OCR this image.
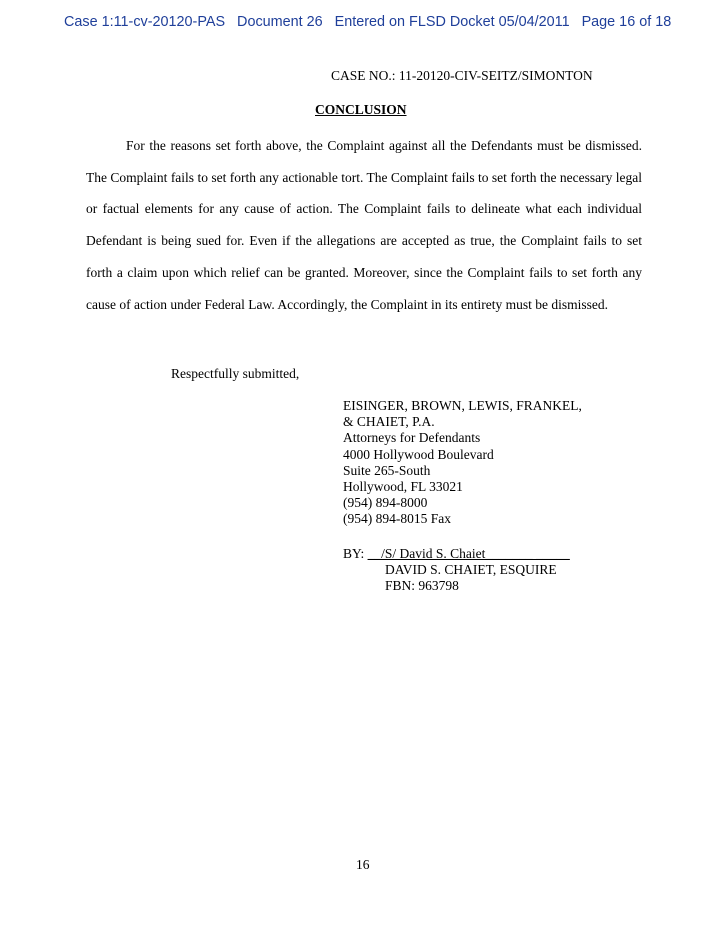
Case 1:11-cv-20120-PAS Document 26 Entered on FLSD Docket 05/04/2011 Page 16 of 18
CASE NO.: 11-20120-CIV-SEITZ/SIMONTON
CONCLUSION

For the reasons set forth above, the Complaint against all the Defendants must be dismissed. The Complaint fails to set forth any actionable tort. The Complaint fails to set forth the necessary legal or factual elements for any cause of action. The Complaint fails to delineate what each individual Defendant is being sued for. Even if the allegations are accepted as true, the Complaint fails to set forth a claim upon which relief can be granted. Moreover, since the Complaint fails to set forth any cause of action under Federal Law. Accordingly, the Complaint in its entirety must be dismissed.

Respectfully submitted,
EISINGER, BROWN, LEWIS, FRANKEL,
& CHAIET, P.A.
Attorneys for Defendants
4000 Hollywood Boulevard
Suite 265-South
Hollywood, FL 33021
(954) 894-8000
(954) 894-8015 Fax
BY: __/S/ David S. Chaiet_______ _____
DAVID S. CHAIET, ESQUIRE
FBN: 963798
16
